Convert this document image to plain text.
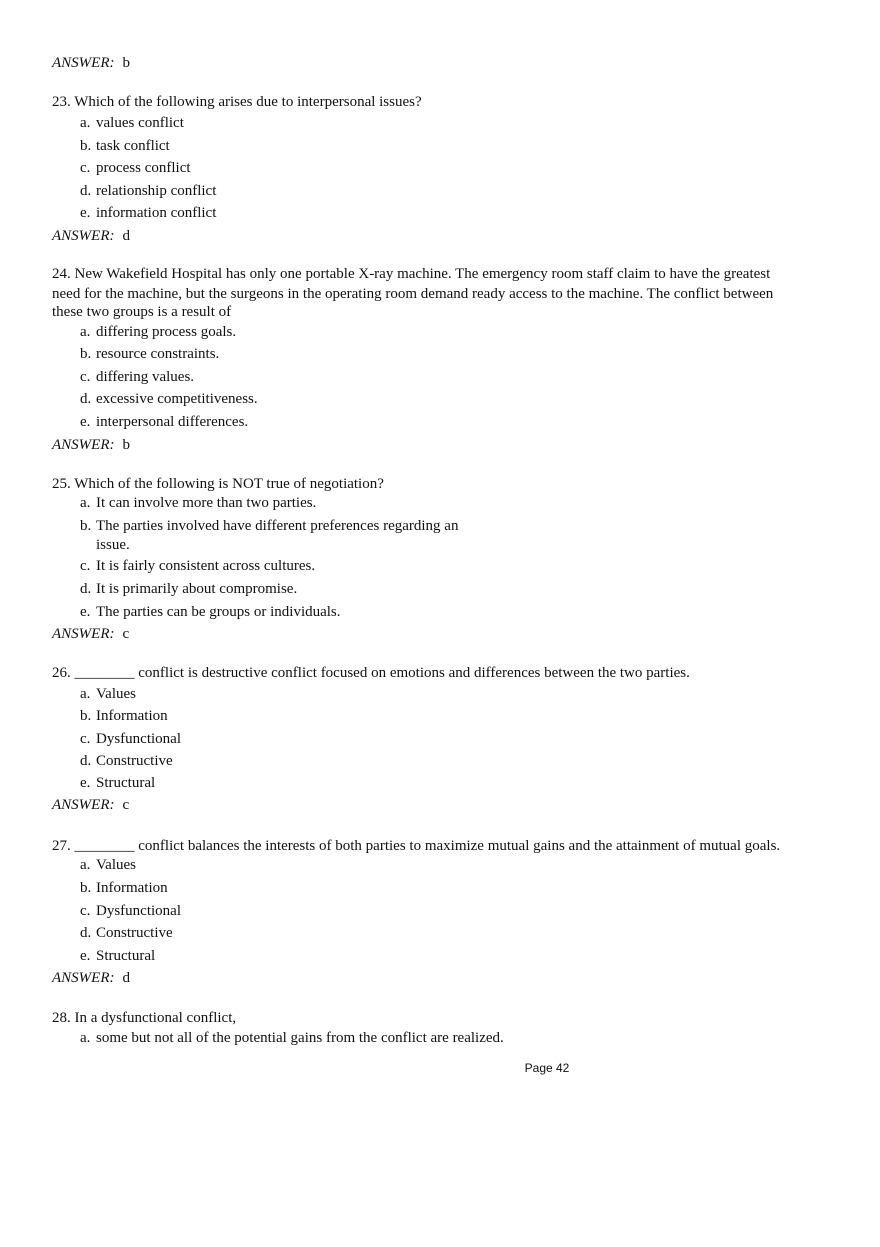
ANSWER: b
23. Which of the following arises due to interpersonal issues?
a. values conflict
b. task conflict
c. process conflict
d. relationship conflict
e. information conflict
ANSWER: d
24. New Wakefield Hospital has only one portable X-ray machine. The emergency room staff claim to have the greatest
need for the machine, but the surgeons in the operating room demand ready access to the machine. The conflict between
these two groups is a result of
a. differing process goals.
b. resource constraints.
c. differing values.
d. excessive competitiveness.
e. interpersonal differences.
ANSWER: b
25. Which of the following is NOT true of negotiation?
a. It can involve more than two parties.
b. The parties involved have different preferences regarding an
issue.
c. It is fairly consistent across cultures.
d. It is primarily about compromise.
e. The parties can be groups or individuals.
ANSWER: c
26. ________ conflict is destructive conflict focused on emotions and differences between the two parties.
a. Values
b. Information
c. Dysfunctional
d. Constructive
e. Structural
ANSWER: c
27. ________ conflict balances the interests of both parties to maximize mutual gains and the attainment of mutual goals.
a. Values
b. Information
c. Dysfunctional
d. Constructive
e. Structural
ANSWER: d
28. In a dysfunctional conflict,
a. some but not all of the potential gains from the conflict are realized.
Page 42
